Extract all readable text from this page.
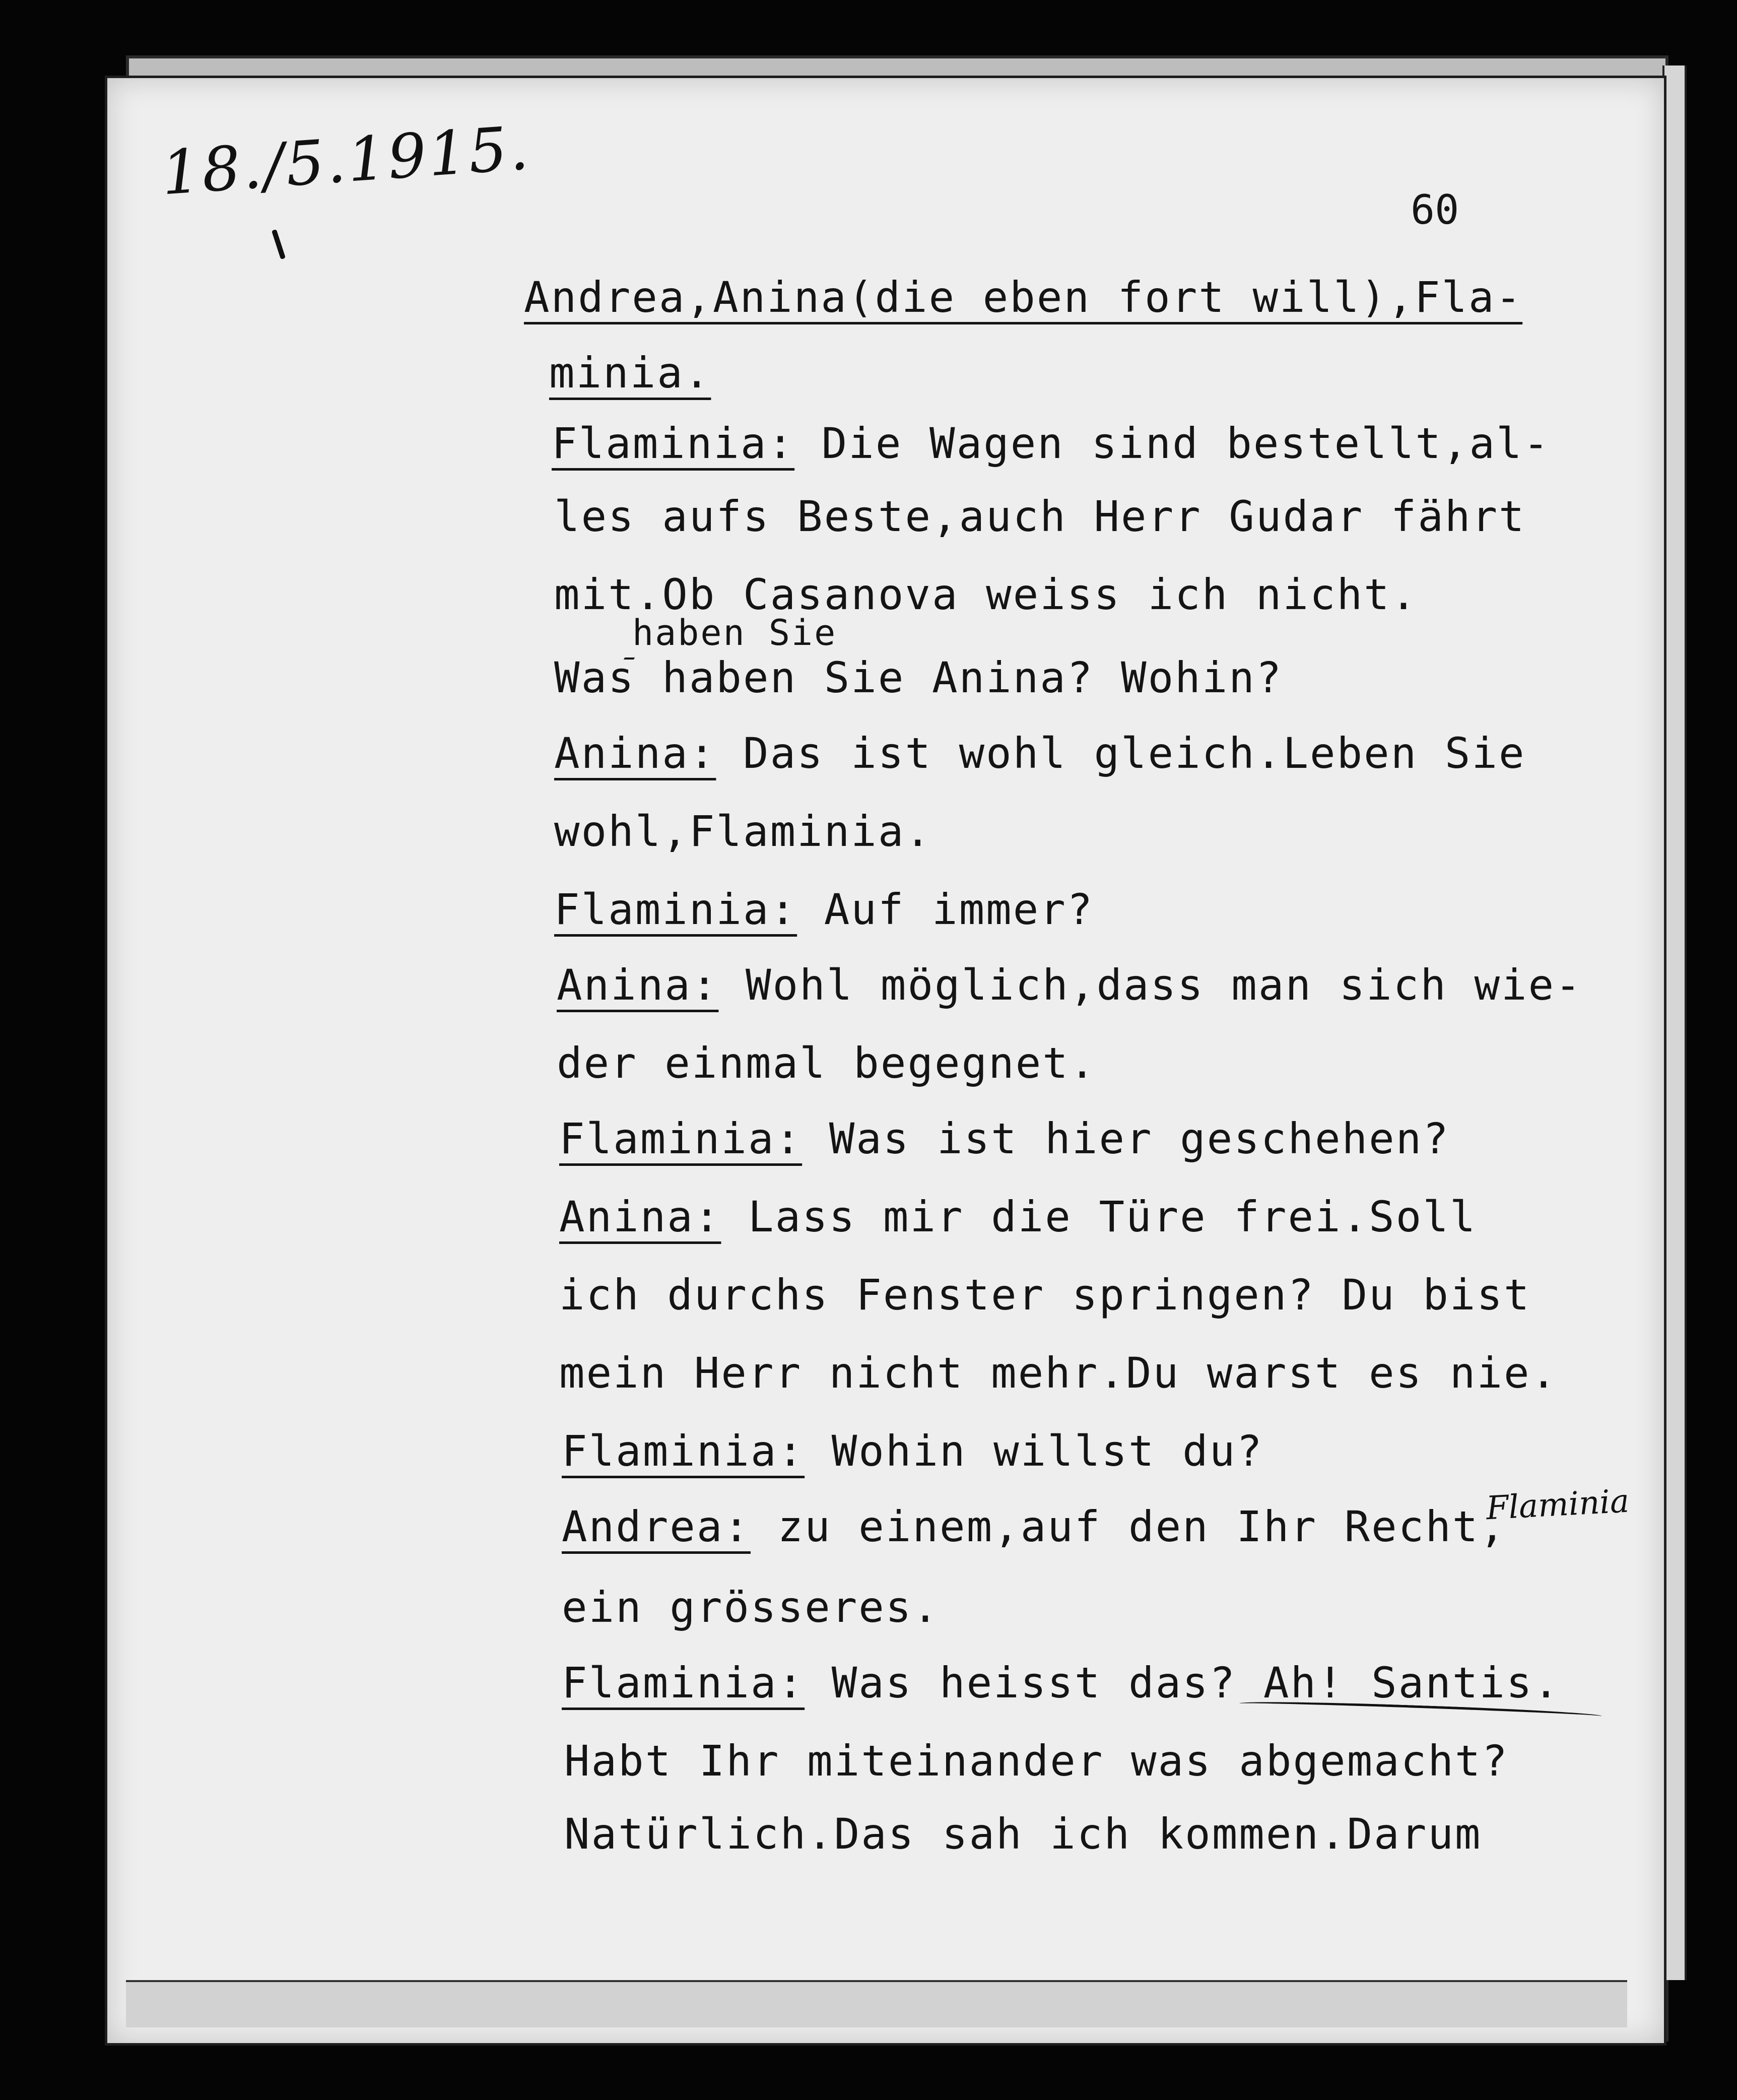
18./5.1915.
60
Andrea,Anina(die eben fort will),Fla-
minia.
Flaminia: Die Wagen sind bestellt,al-
les aufs Beste,auch Herr Gudar fährt
mit.Ob Casanova weiss ich nicht.
haben Sie
Was haben Sie Anina? Wohin?
Anina: Das ist wohl gleich.Leben Sie
wohl,Flaminia.
Flaminia: Auf immer?
Anina: Wohl möglich,dass man sich wie-
der einmal begegnet.
Flaminia: Was ist hier geschehen?
Anina: Lass mir die Türe frei.Soll
ich durchs Fenster springen? Du bist
mein Herr nicht mehr.Du warst es nie.
Flaminia: Wohin willst du?
Andrea: zu einem,auf den Ihr Recht,
ein grösseres.
Flaminia: Was heisst das? Ah! Santis.
Habt Ihr miteinander was abgemacht?
Natürlich.Das sah ich kommen.Darum
Flaminia
